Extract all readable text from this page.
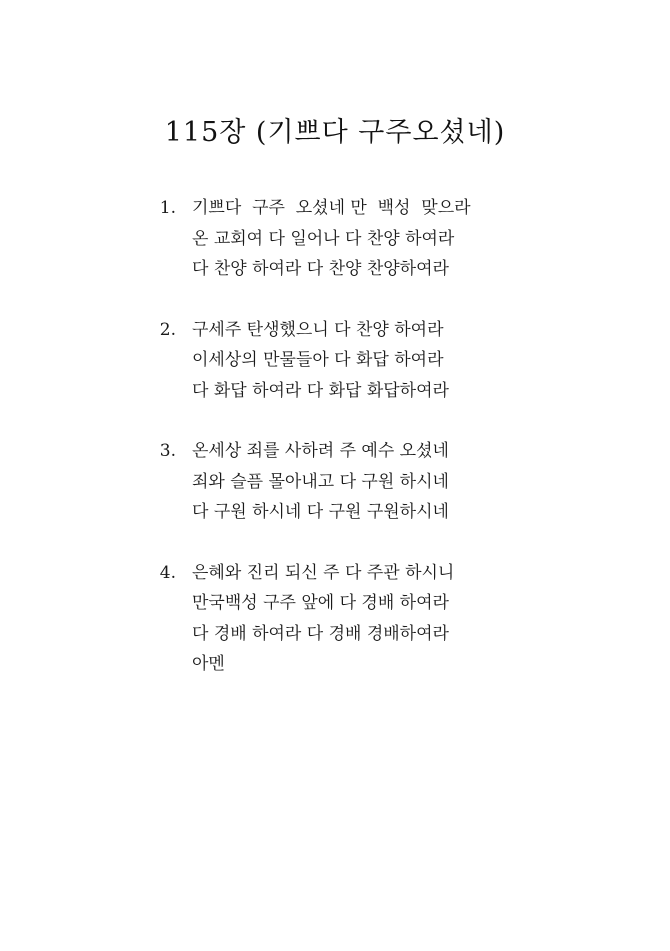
115장 (기쁘다 구주오셨네)
1. 기쁘다  구주  오셨네 만  백성  맞으라
온 교회여 다 일어나 다 찬양 하여라
다 찬양 하여라 다 찬양 찬양하여라
2. 구세주 탄생했으니 다 찬양 하여라
이세상의 만물들아 다 화답 하여라
다 화답 하여라 다 화답 화답하여라
3. 온세상 죄를 사하려 주 예수 오셨네
죄와 슬픔 몰아내고 다 구원 하시네
다 구원 하시네 다 구원 구원하시네
4. 은혜와 진리 되신 주 다 주관 하시니
만국백성 구주 앞에 다 경배 하여라
다 경배 하여라 다 경배 경배하여라
아멘
